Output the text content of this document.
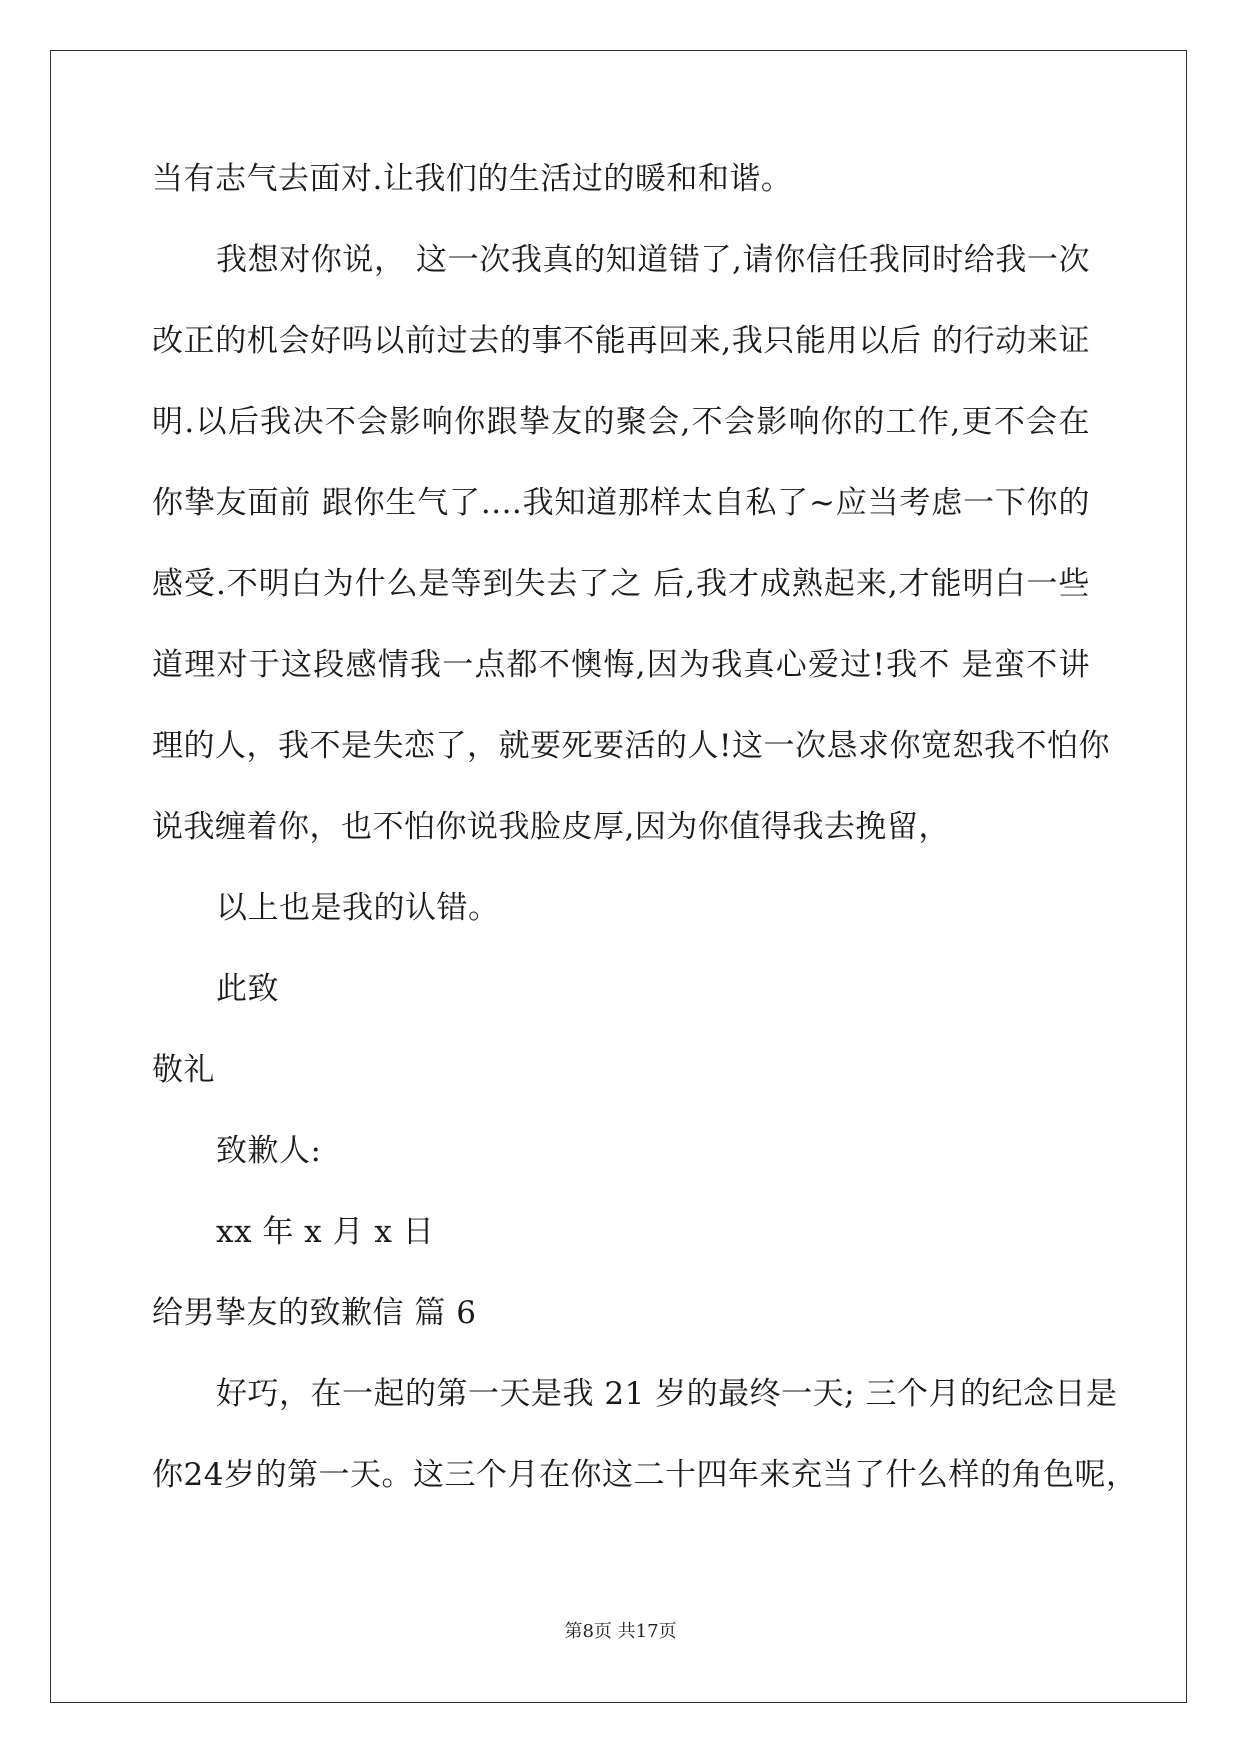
当有志气去面对.让我们的生活过的暖和和谐。
我想对你说， 这一次我真的知道错了,请你信任我同时给我一次
改正的机会好吗以前过去的事不能再回来,我只能用以后 的行动来证
明.以后我决不会影响你跟挚友的聚会,不会影响你的工作,更不会在
你挚友面前 跟你生气了....我知道那样太自私了~应当考虑一下你的
感受.不明白为什么是等到失去了之 后,我才成熟起来,才能明白一些
道理对于这段感情我一点都不懊悔,因为我真心爱过!我不 是蛮不讲
理的人，我不是失恋了，就要死要活的人!这一次恳求你宽恕我不怕你
说我缠着你，也不怕你说我脸皮厚,因为你值得我去挽留，
以上也是我的认错。
此致
敬礼
致歉人:
xx 年 x 月 x 日
给男挚友的致歉信 篇 6
好巧，在一起的第一天是我 21 岁的最终一天; 三个月的纪念日是
你24岁的第一天。这三个月在你这二十四年来充当了什么样的角色呢，
第8页 共17页
